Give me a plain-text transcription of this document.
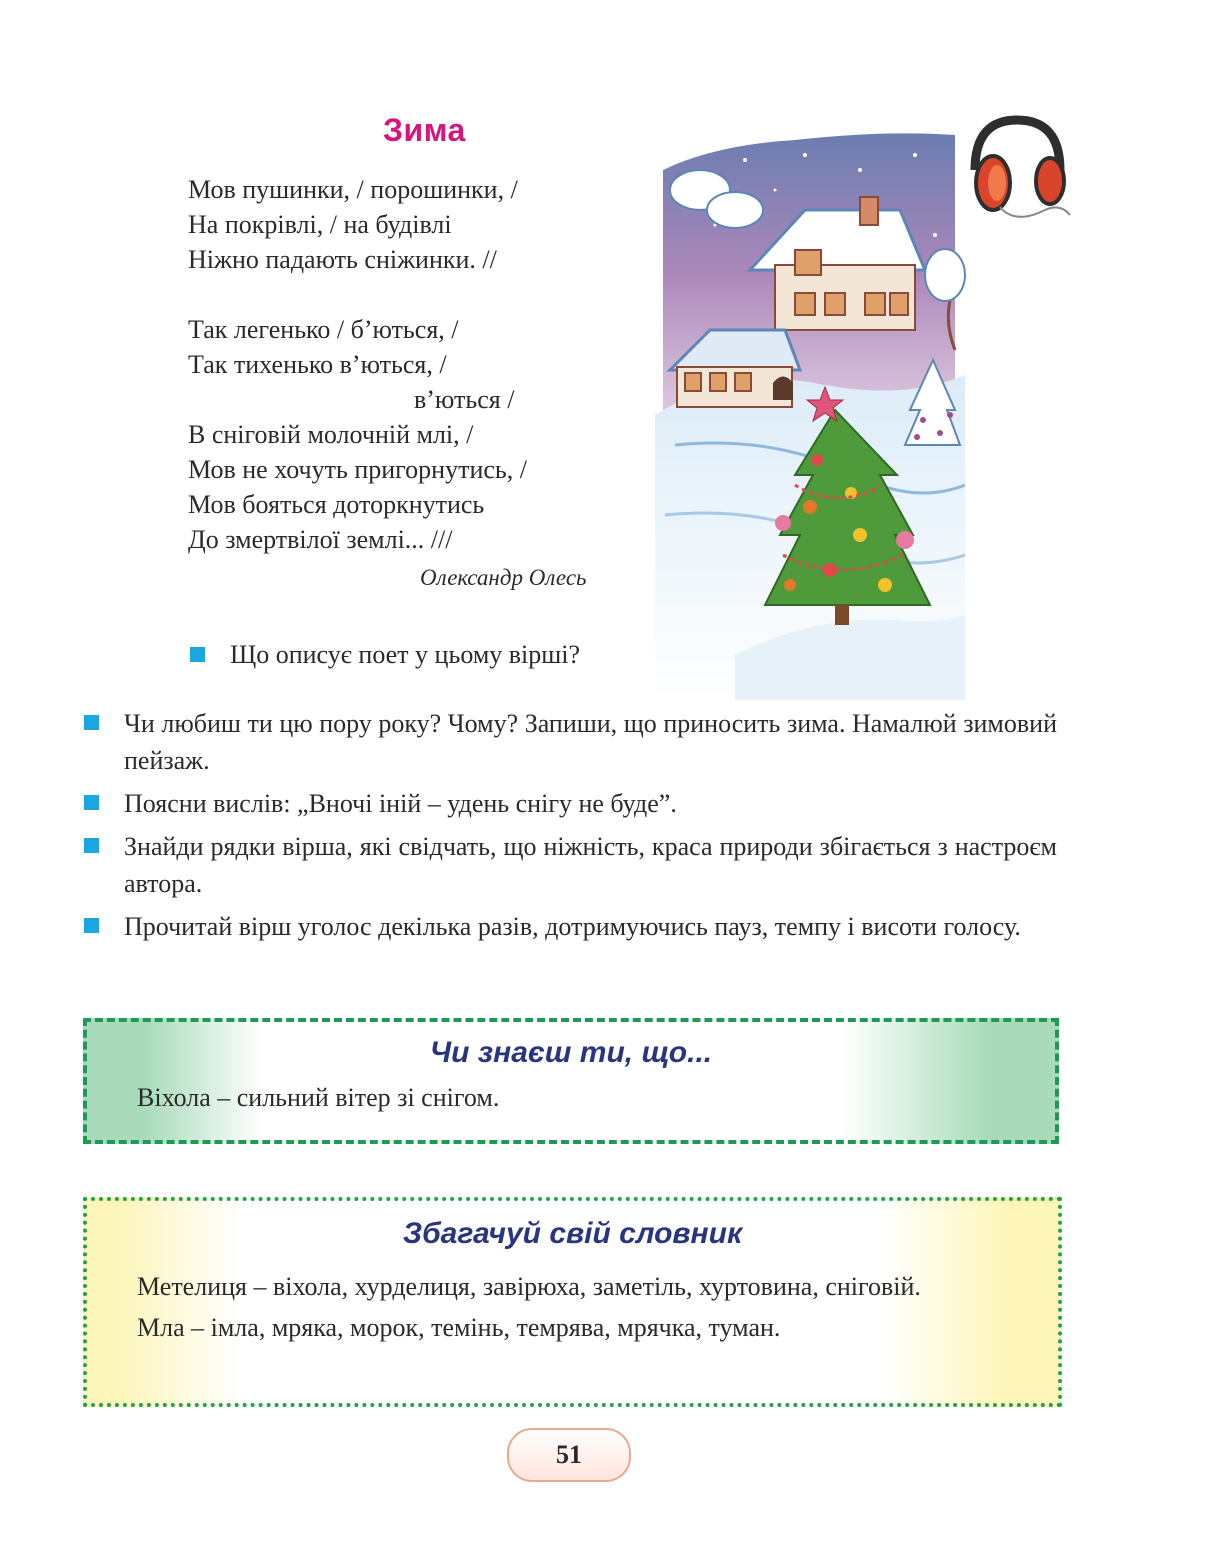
Зима
Мов пушинки, / порошинки, /
На покрівлі, / на будівлі
Ніжно падають сніжинки. //
Так легенько / б’ються, /
Так тихенько в’ються, /
в’ються /
В сніговій молочній млі, /
Мов не хочуть пригорнутись, /
Мов бояться доторкнутись
До змертвілої землі... ///
Олександр Олесь
Що описує поет у цьому вірші?
Чи любиш ти цю пору року? Чому? Запиши, що приносить зима. Намалюй зимовий пейзаж.
Поясни вислів: „Вночі іній – удень снігу не буде”.
Знайди рядки вірша, які свідчать, що ніжність, краса природи збігається з настроєм автора.
Прочитай вірш уголос декілька разів, дотримуючись пауз, темпу і висоти голосу.
Чи знаєш ти, що...
Віхола – сильний вітер зі снігом.
Збагачуй свій словник
Метелиця – віхола, хурделиця, завірюха, заметіль, хуртовина, сніговій.
Мла – імла, мряка, морок, темінь, темрява, мрячка, туман.
51
